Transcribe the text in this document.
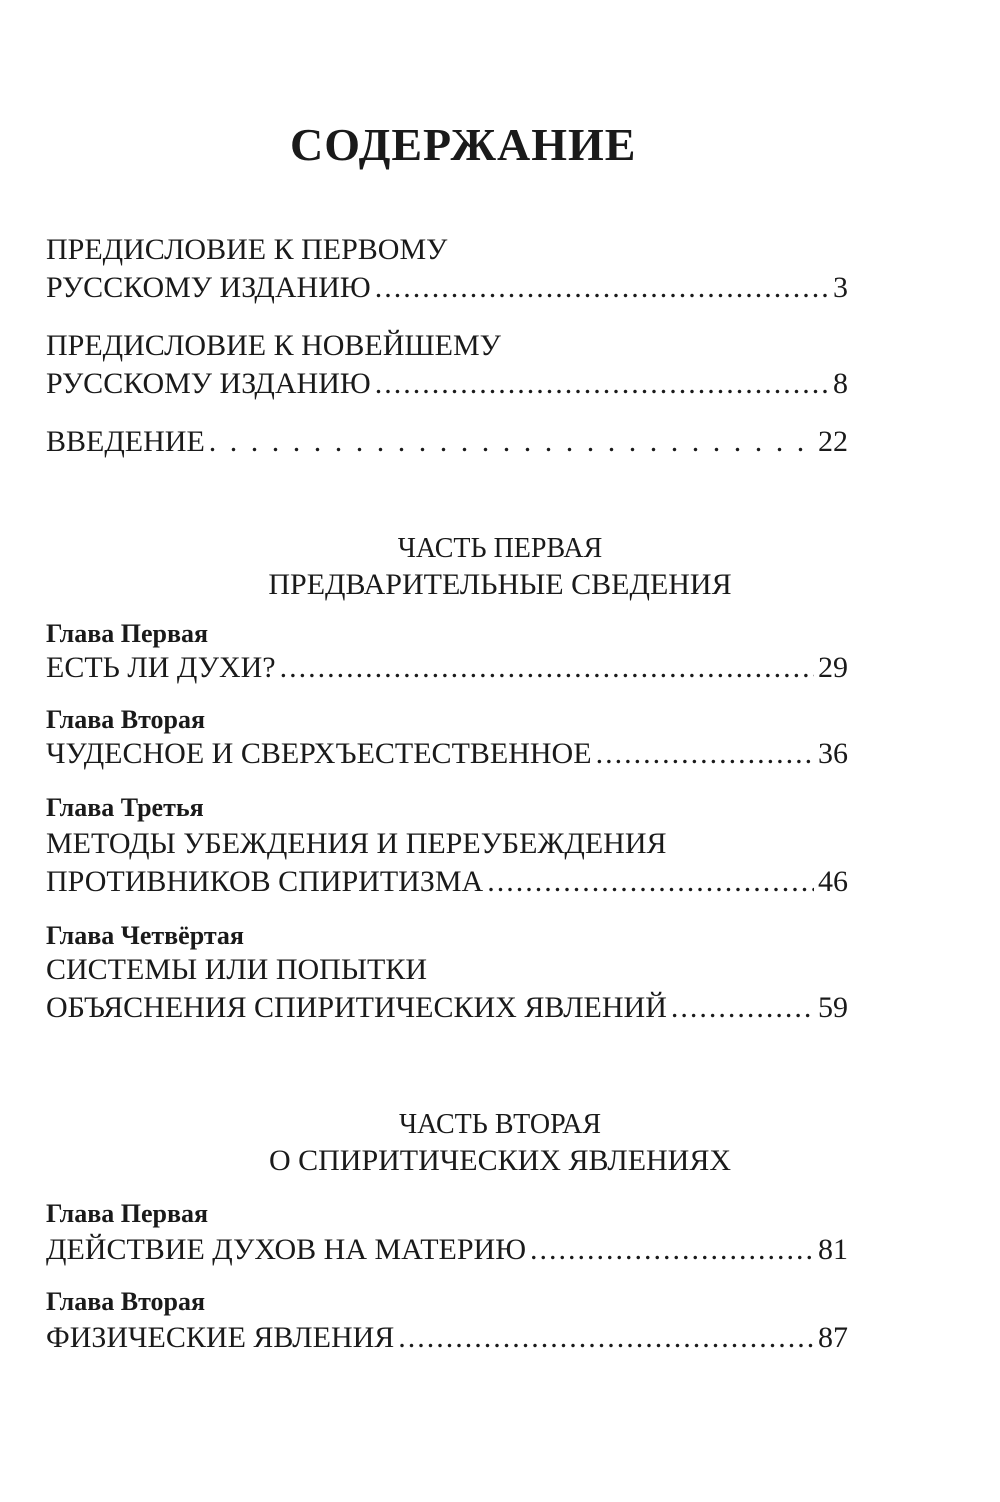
СОДЕРЖАНИЕ
ПРЕДИСЛОВИЕ К ПЕРВОМУ
РУССКОМУ ИЗДАНИЮ .....	3
ПРЕДИСЛОВИЕ К НОВЕЙШЕМУ
РУССКОМУ ИЗДАНИЮ .....	8
ВВЕДЕНИЕ . . .	22
ЧАСТЬ ПЕРВАЯ
ПРЕДВАРИТЕЛЬНЫЕ СВЕДЕНИЯ
Глава Первая
ЕСТЬ ЛИ ДУХИ? .....	29
Глава Вторая
ЧУДЕСНОЕ И СВЕРХЪЕСТЕСТВЕННОЕ .....	36
Глава Третья
МЕТОДЫ УБЕЖДЕНИЯ И ПЕРЕУБЕЖДЕНИЯ
ПРОТИВНИКОВ СПИРИТИЗМА .....	46
Глава Четвёртая
СИСТЕМЫ ИЛИ ПОПЫТКИ
ОБЪЯСНЕНИЯ СПИРИТИЧЕСКИХ ЯВЛЕНИЙ .....	59
ЧАСТЬ ВТОРАЯ
О СПИРИТИЧЕСКИХ ЯВЛЕНИЯХ
Глава Первая
ДЕЙСТВИЕ ДУХОВ НА МАТЕРИЮ .....	81
Глава Вторая
ФИЗИЧЕСКИЕ ЯВЛЕНИЯ .....	87
